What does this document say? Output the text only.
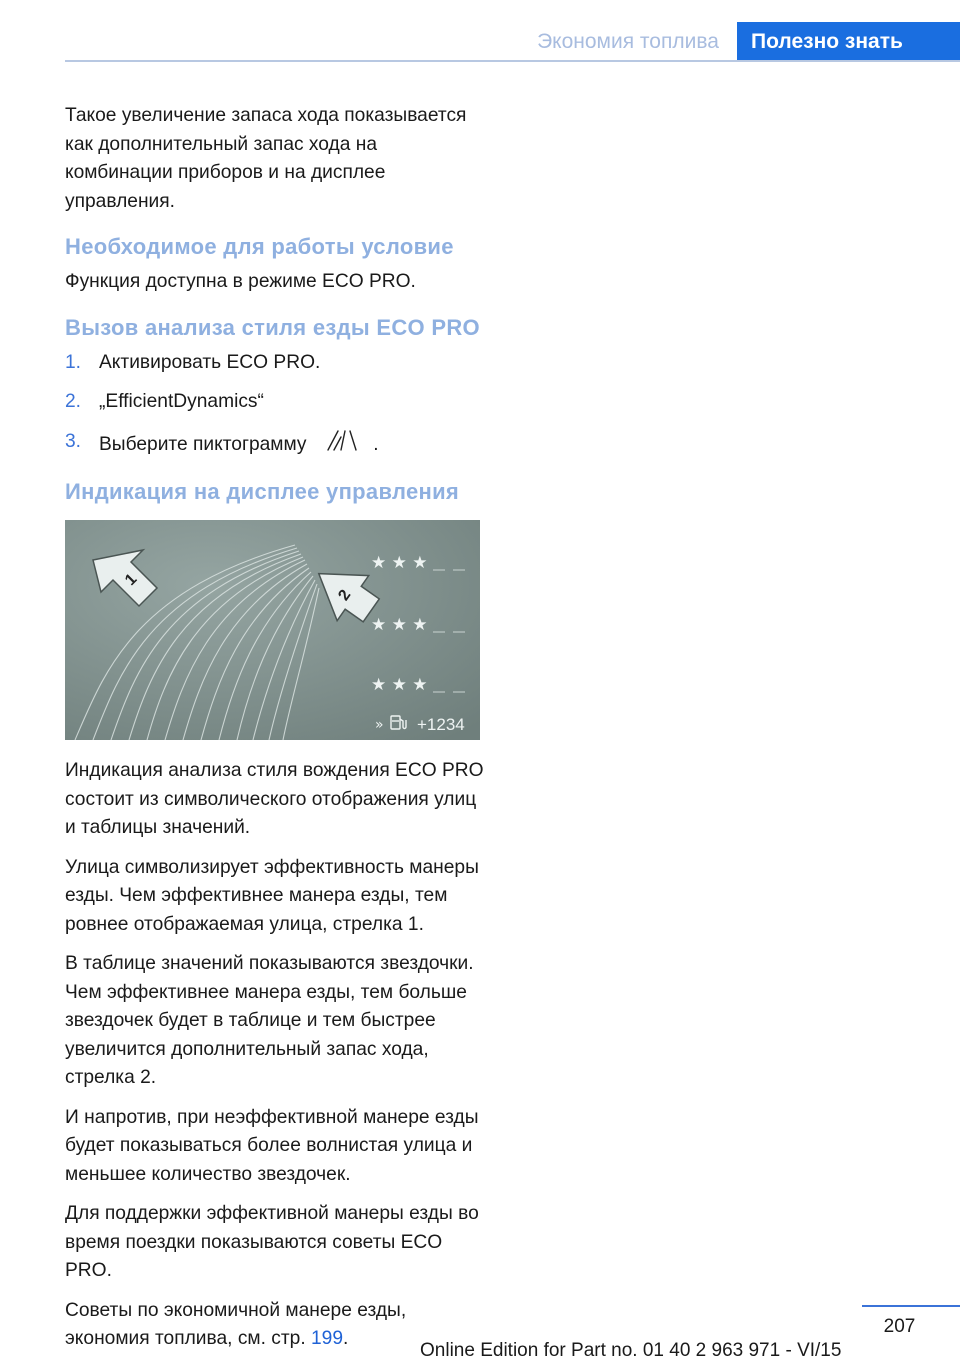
Экономия топлива	Полезно знать

Такое увеличение запаса хода показывается как дополнительный запас хода на комбинации приборов и на дисплее управления.

Необходимое для работы условие

Функция доступна в режиме ECO PRO.

Вызов анализа стиля езды ECO PRO
1. Активировать ECO PRO.
2. „EfficientDynamics“
3. Выберите пиктограмму	.
Индикация на дисплее управления
1
2
★ ★ ★
★ ★ ★
★ ★ ★
» +1234

Индикация анализа стиля вождения ECO PRO состоит из символического отображения улиц и таблицы значений.

Улица символизирует эффективность манеры езды. Чем эффективнее манера езды, тем ровнее отображаемая улица, стрелка 1.

В таблице значений показываются звездочки. Чем эффективнее манера езды, тем больше звездочек будет в таблице и тем быстрее увеличится дополнительный запас хода, стрелка 2.

И напротив, при неэффективной манере езды будет показываться более волнистая улица и меньшее количество звездочек.

Для поддержки эффективной манеры езды во время поездки показываются советы ECO PRO.

Советы по экономичной манере езды, экономия топлива, см. стр. 199.

207
Online Edition for Part no. 01 40 2 963 971 - VI/15
